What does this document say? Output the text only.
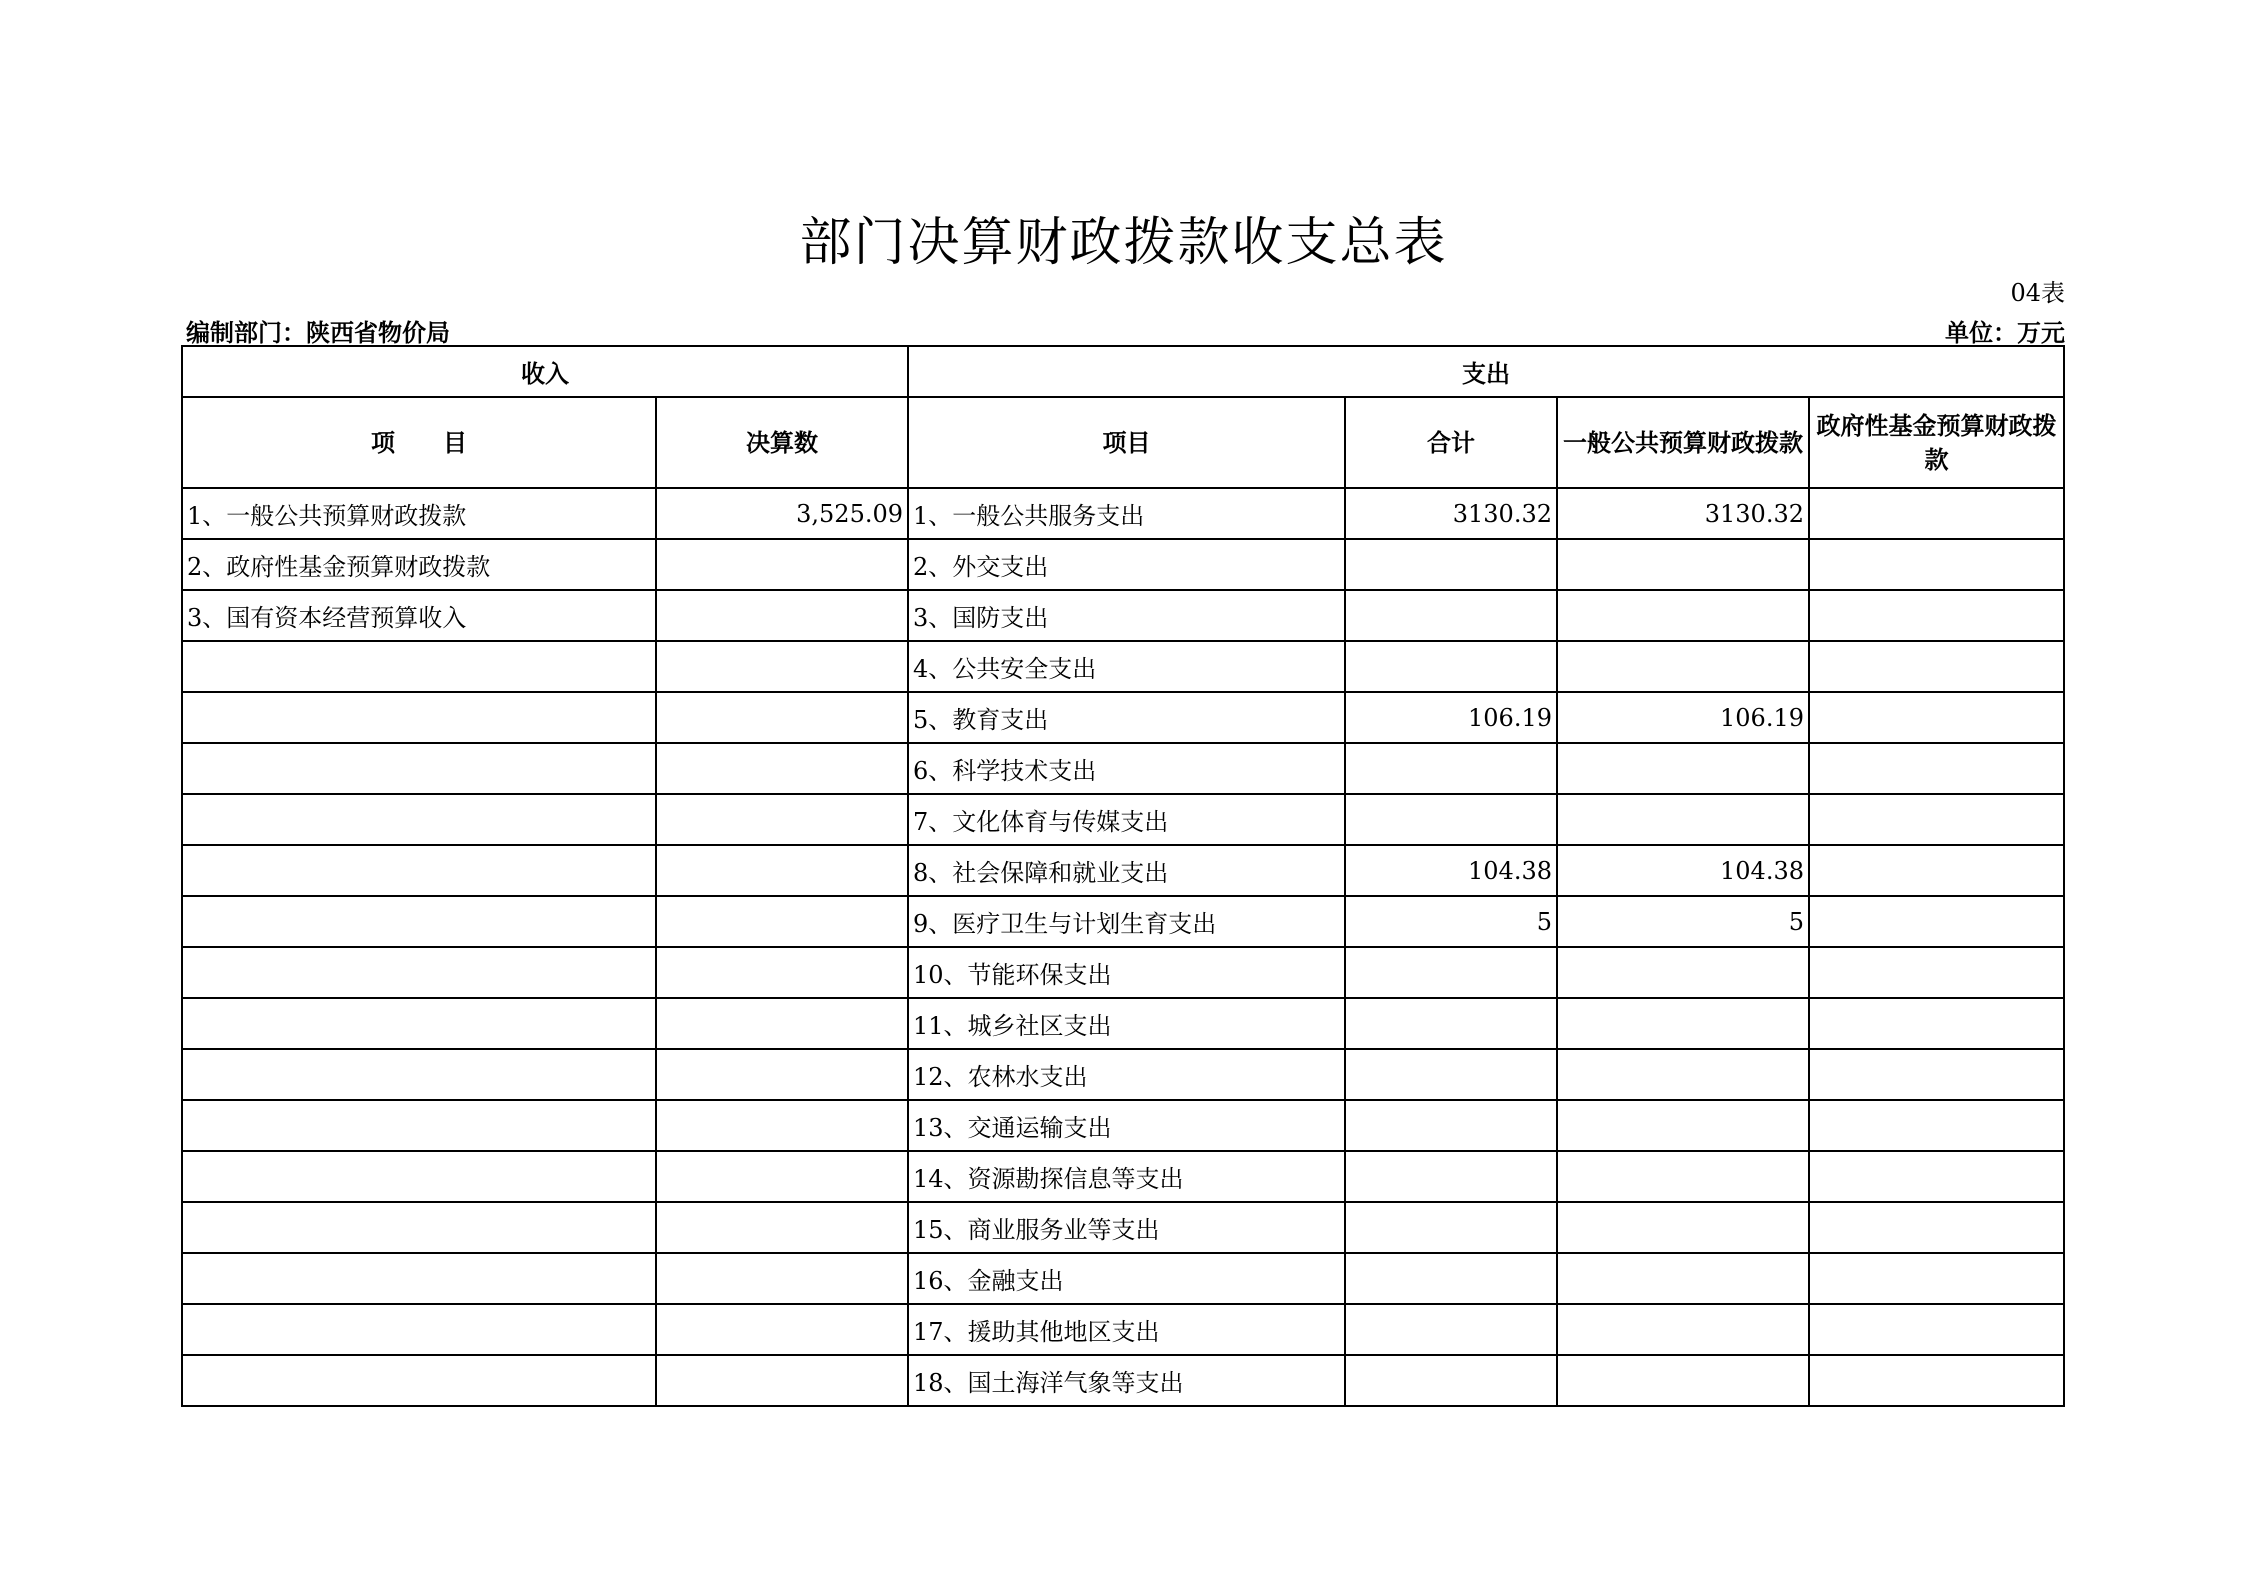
部门决算财政拨款收支总表
04表
编制部门：陕西省物价局	单位：万元
收入		支出			
项　　目	决算数	项目	合计	一般公共预算财政拨款	政府性基金预算财政拨款
1、一般公共预算财政拨款	3,525.09	1、一般公共服务支出	3130.32	3130.32	
2、政府性基金预算财政拨款		2、外交支出			
3、国有资本经营预算收入		3、国防支出			
		4、公共安全支出			
		5、教育支出	106.19	106.19	
		6、科学技术支出			
		7、文化体育与传媒支出			
		8、社会保障和就业支出	104.38	104.38	
		9、医疗卫生与计划生育支出	5	5	
		10、节能环保支出			
		11、城乡社区支出			
		12、农林水支出			
		13、交通运输支出			
		14、资源勘探信息等支出			
		15、商业服务业等支出			
		16、金融支出			
		17、援助其他地区支出			
		18、国土海洋气象等支出			
